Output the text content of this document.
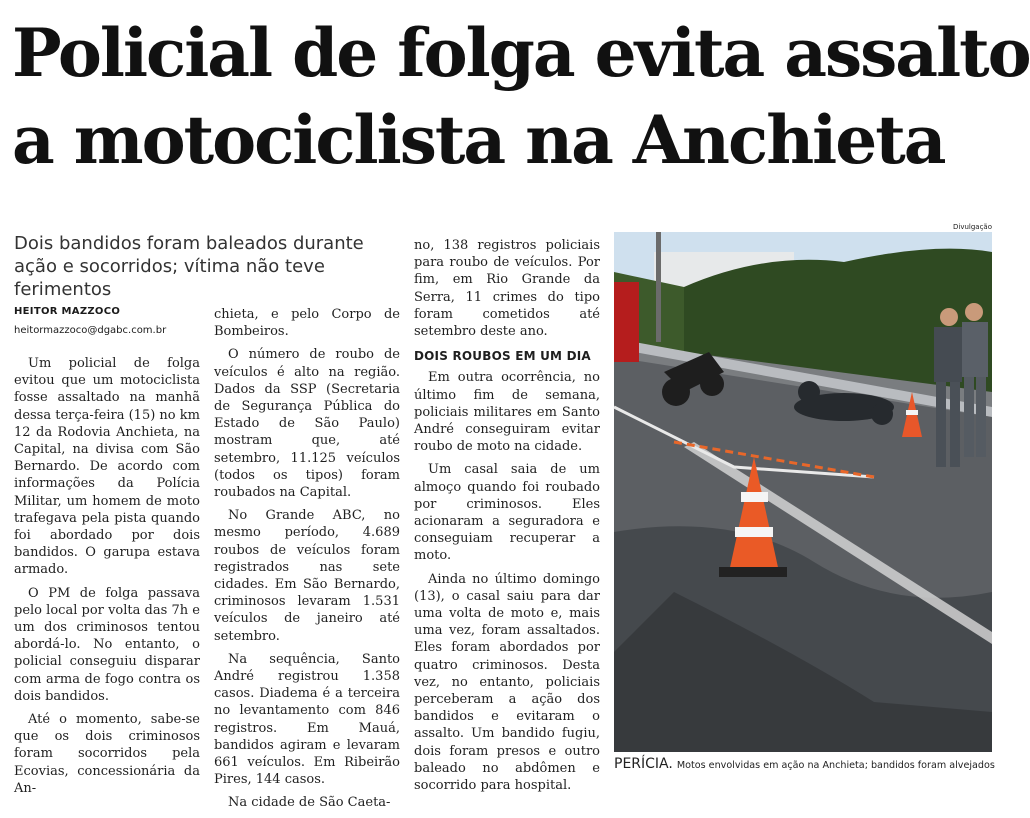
Policial de folga evita assalto
a motociclista na Anchieta
Dois bandidos foram baleados durante ação e socorridos; vítima não teve ferimentos
HEITOR MAZZOCO
heitormazzoco@dgabc.com.br

Um policial de folga evitou que um motociclista fosse assaltado na manhã dessa terça-feira (15) no km 12 da Rodovia Anchieta, na Capital, na divisa com São Bernardo. De acordo com informações da Polícia Militar, um homem de moto trafegava pela pista quando foi abordado por dois bandidos. O garupa estava armado.

O PM de folga passava pelo local por volta das 7h e um dos criminosos tentou abordá-lo. No entanto, o policial conseguiu disparar com arma de fogo contra os dois bandidos.

Até o momento, sabe-se que os dois criminosos foram socorridos pela Ecovias, concessionária da An-

chieta, e pelo Corpo de Bombeiros.

O número de roubo de veículos é alto na região. Dados da SSP (Secretaria de Segurança Pública do Estado de São Paulo) mostram que, até setembro, 11.125 veículos (todos os tipos) foram roubados na Capital.

No Grande ABC, no mesmo período, 4.689 roubos de veículos foram registrados nas sete cidades. Em São Bernardo, criminosos levaram 1.531 veículos de janeiro até setembro.

Na sequência, Santo André registrou 1.358 casos. Diadema é a terceira no levantamento com 846 registros. Em Mauá, bandidos agiram e levaram 661 veículos. Em Ribeirão Pires, 144 casos.

Na cidade de São Caeta-

no, 138 registros policiais para roubo de veículos. Por fim, em Rio Grande da Serra, 11 crimes do tipo foram cometidos até setembro deste ano.

DOIS ROUBOS EM UM DIA

Em outra ocorrência, no último fim de semana, policiais militares em Santo André conseguiram evitar roubo de moto na cidade.

Um casal saia de um almoço quando foi roubado por criminosos. Eles acionaram a seguradora e conseguiam recuperar a moto.

Ainda no último domingo (13), o casal saiu para dar uma volta de moto e, mais uma vez, foram assaltados. Eles foram abordados por quatro criminosos. Desta vez, no entanto, policiais perceberam a ação dos bandidos e evitaram o assalto. Um bandido fugiu, dois foram presos e outro baleado no abdômen e socorrido para hospital.

Divulgação
PERÍCIA. Motos envolvidas em ação na Anchieta; bandidos foram alvejados
